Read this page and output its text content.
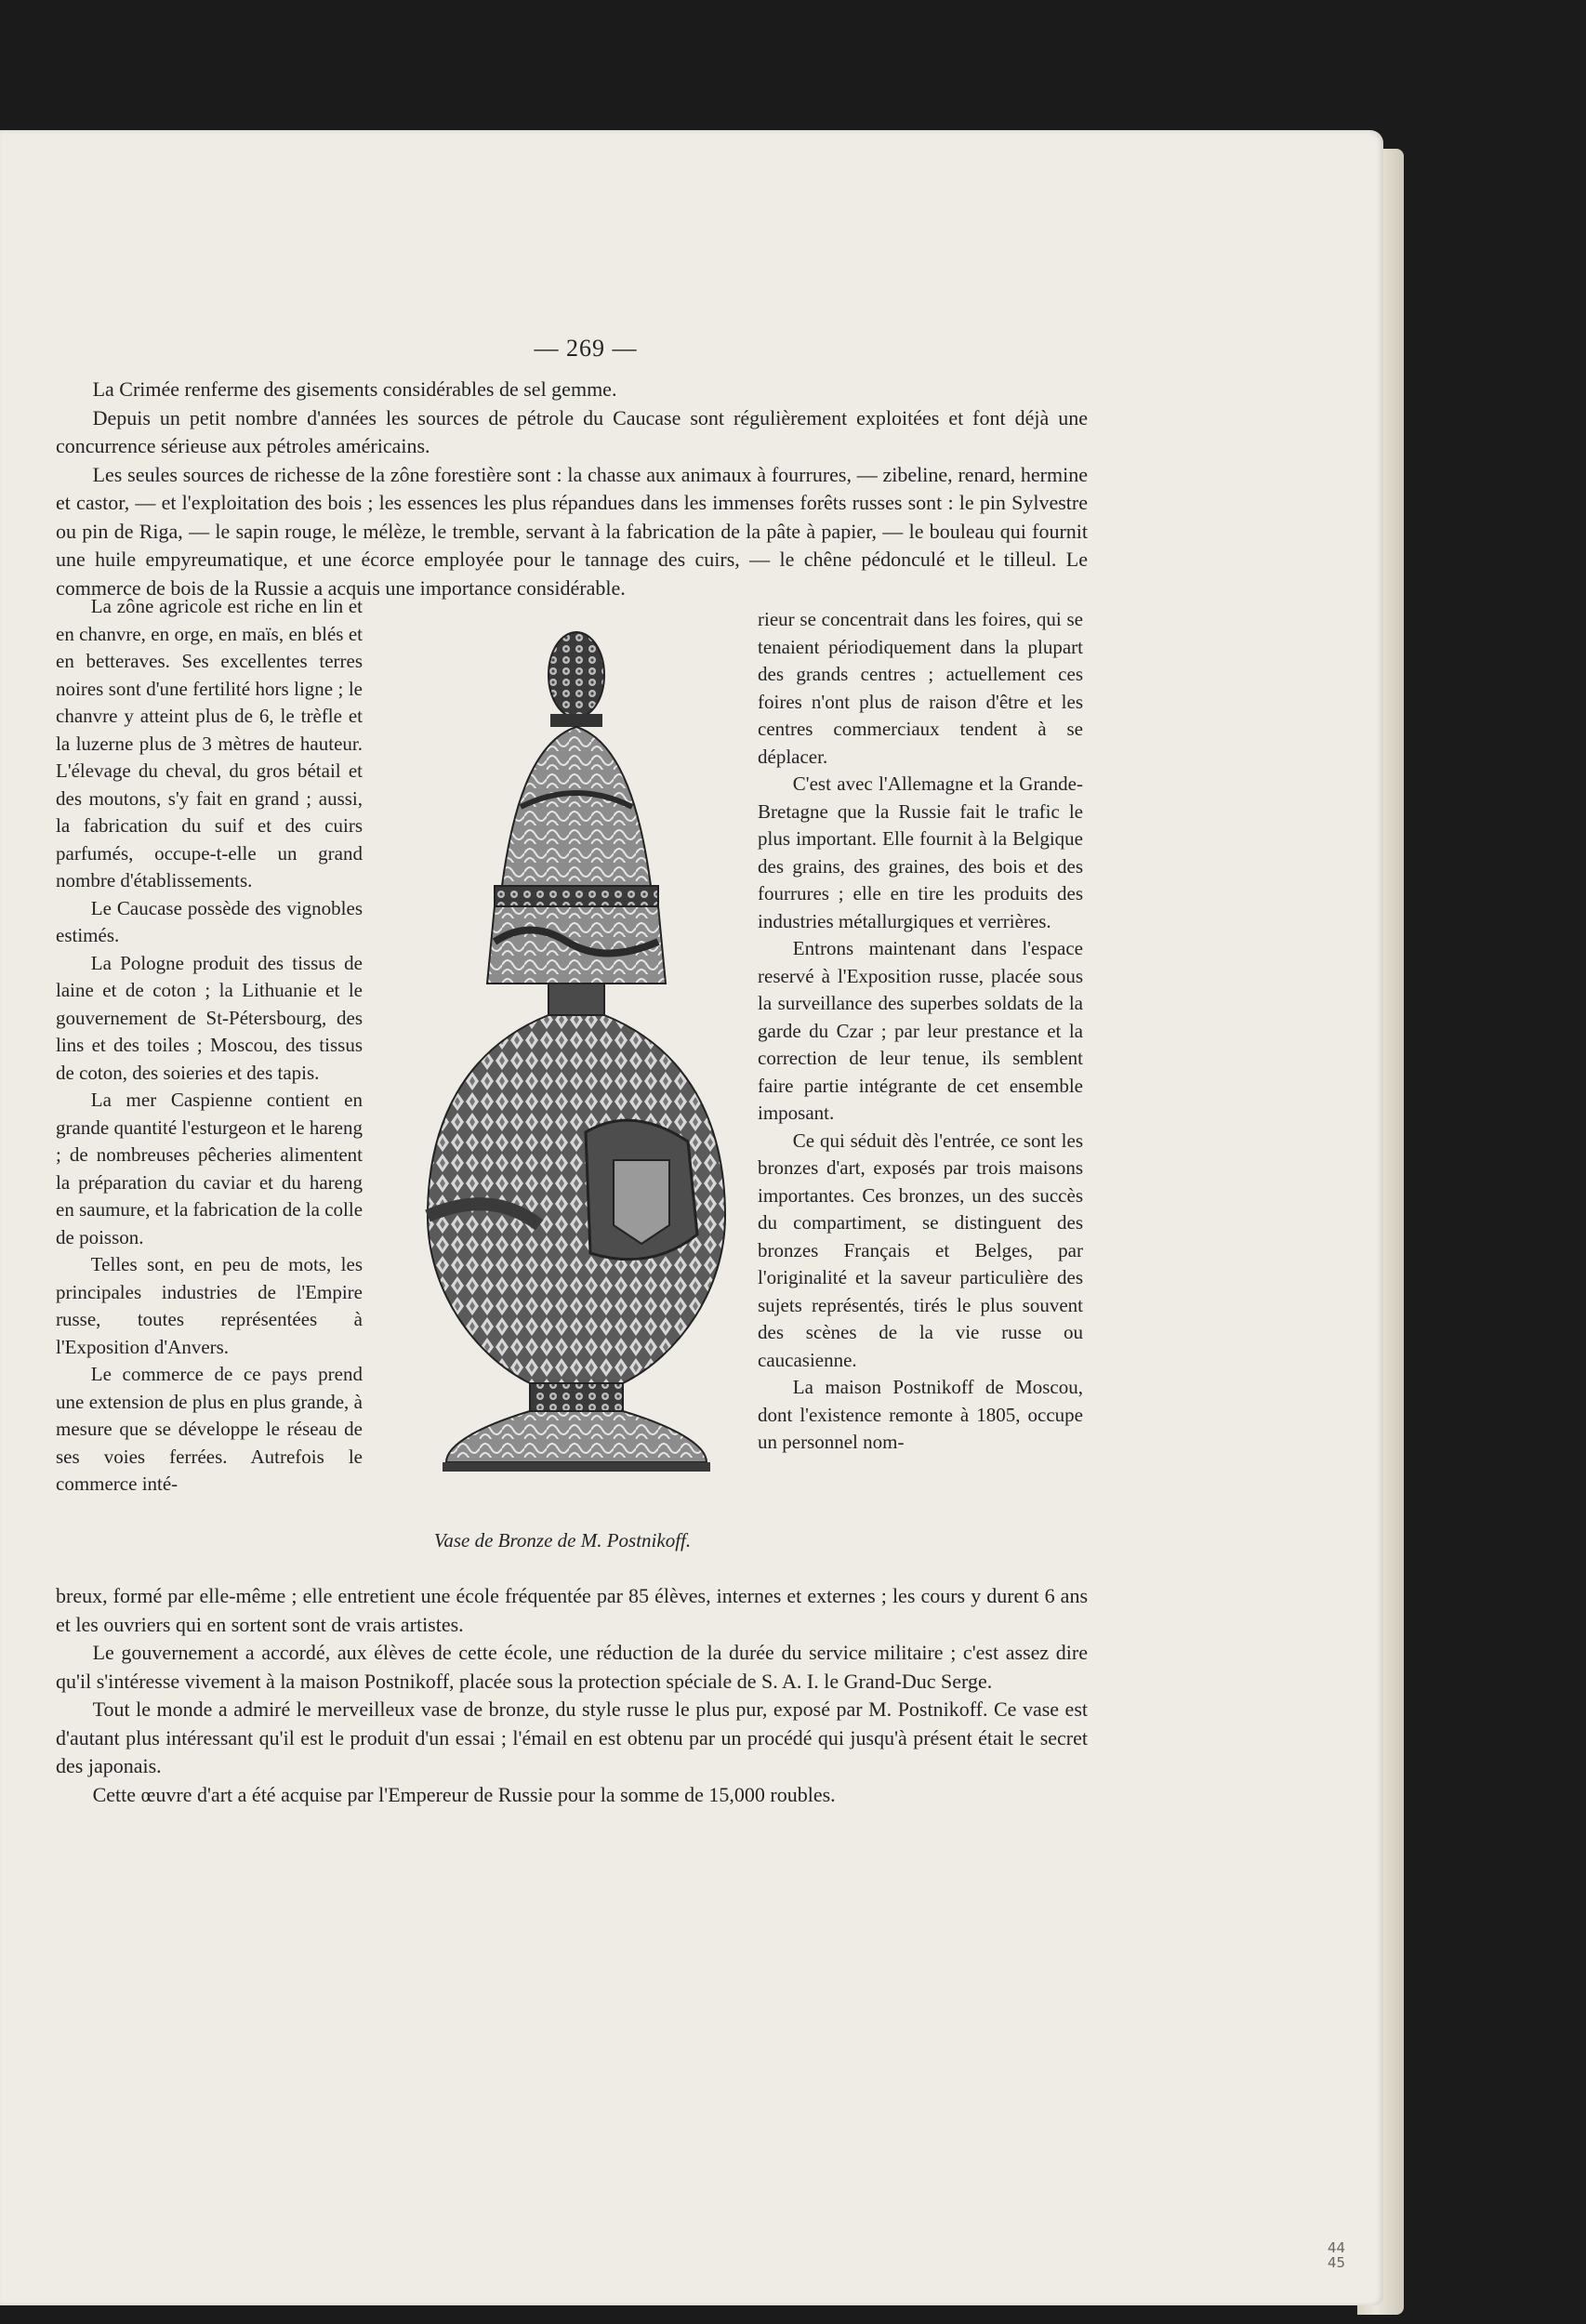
— 269 —

La Crimée renferme des gisements considérables de sel gemme.

Depuis un petit nombre d'années les sources de pétrole du Caucase sont régulièrement exploitées et font déjà une concurrence sérieuse aux pétroles américains.

Les seules sources de richesse de la zône forestière sont : la chasse aux animaux à fourrures, — zibeline, renard, hermine et castor, — et l'exploitation des bois ; les essences les plus répandues dans les immenses forêts russes sont : le pin Sylvestre ou pin de Riga, — le sapin rouge, le mélèze, le tremble, servant à la fabrication de la pâte à papier, — le bouleau qui fournit une huile empyreumatique, et une écorce employée pour le tannage des cuirs, — le chêne pédonculé et le tilleul. Le commerce de bois de la Russie a acquis une importance considérable.

La zône agricole est riche en lin et en chanvre, en orge, en maïs, en blés et en betteraves. Ses excellentes terres noires sont d'une fertilité hors ligne ; le chanvre y atteint plus de 6, le trèfle et la luzerne plus de 3 mètres de hauteur. L'élevage du cheval, du gros bétail et des moutons, s'y fait en grand ; aussi, la fabrication du suif et des cuirs parfumés, occupe-t-elle un grand nombre d'établissements.

Le Caucase possède des vignobles estimés.

La Pologne produit des tissus de laine et de coton ; la Lithuanie et le gouvernement de St-Pétersbourg, des lins et des toiles ; Moscou, des tissus de coton, des soieries et des tapis.

La mer Caspienne contient en grande quantité l'esturgeon et le hareng ; de nombreuses pêcheries alimentent la préparation du caviar et du hareng en saumure, et la fabrication de la colle de poisson.

Telles sont, en peu de mots, les principales industries de l'Empire russe, toutes représentées à l'Exposition d'Anvers.

Le commerce de ce pays prend une extension de plus en plus grande, à mesure que se développe le réseau de ses voies ferrées. Autrefois le commerce inté-

Vase de Bronze de M. Postnikoff.

rieur se concentrait dans les foires, qui se tenaient périodiquement dans la plupart des grands centres ; actuellement ces foires n'ont plus de raison d'être et les centres commerciaux tendent à se déplacer.

C'est avec l'Allemagne et la Grande-Bretagne que la Russie fait le trafic le plus important. Elle fournit à la Belgique des grains, des graines, des bois et des fourrures ; elle en tire les produits des industries métallurgiques et verrières.

Entrons maintenant dans l'espace reservé à l'Exposition russe, placée sous la surveillance des superbes soldats de la garde du Czar ; par leur prestance et la correction de leur tenue, ils semblent faire partie intégrante de cet ensemble imposant.

Ce qui séduit dès l'entrée, ce sont les bronzes d'art, exposés par trois maisons importantes. Ces bronzes, un des succès du compartiment, se distinguent des bronzes Français et Belges, par l'originalité et la saveur particulière des sujets représentés, tirés le plus souvent des scènes de la vie russe ou caucasienne.

La maison Postnikoff de Moscou, dont l'existence remonte à 1805, occupe un personnel nom-

breux, formé par elle-même ; elle entretient une école fréquentée par 85 élèves, internes et externes ; les cours y durent 6 ans et les ouvriers qui en sortent sont de vrais artistes.

Le gouvernement a accordé, aux élèves de cette école, une réduction de la durée du service militaire ; c'est assez dire qu'il s'intéresse vivement à la maison Postnikoff, placée sous la protection spéciale de S. A. I. le Grand-Duc Serge.

Tout le monde a admiré le merveilleux vase de bronze, du style russe le plus pur, exposé par M. Postnikoff. Ce vase est d'autant plus intéressant qu'il est le produit d'un essai ; l'émail en est obtenu par un procédé qui jusqu'à présent était le secret des japonais.

Cette œuvre d'art a été acquise par l'Empereur de Russie pour la somme de 15,000 roubles.

44
45
